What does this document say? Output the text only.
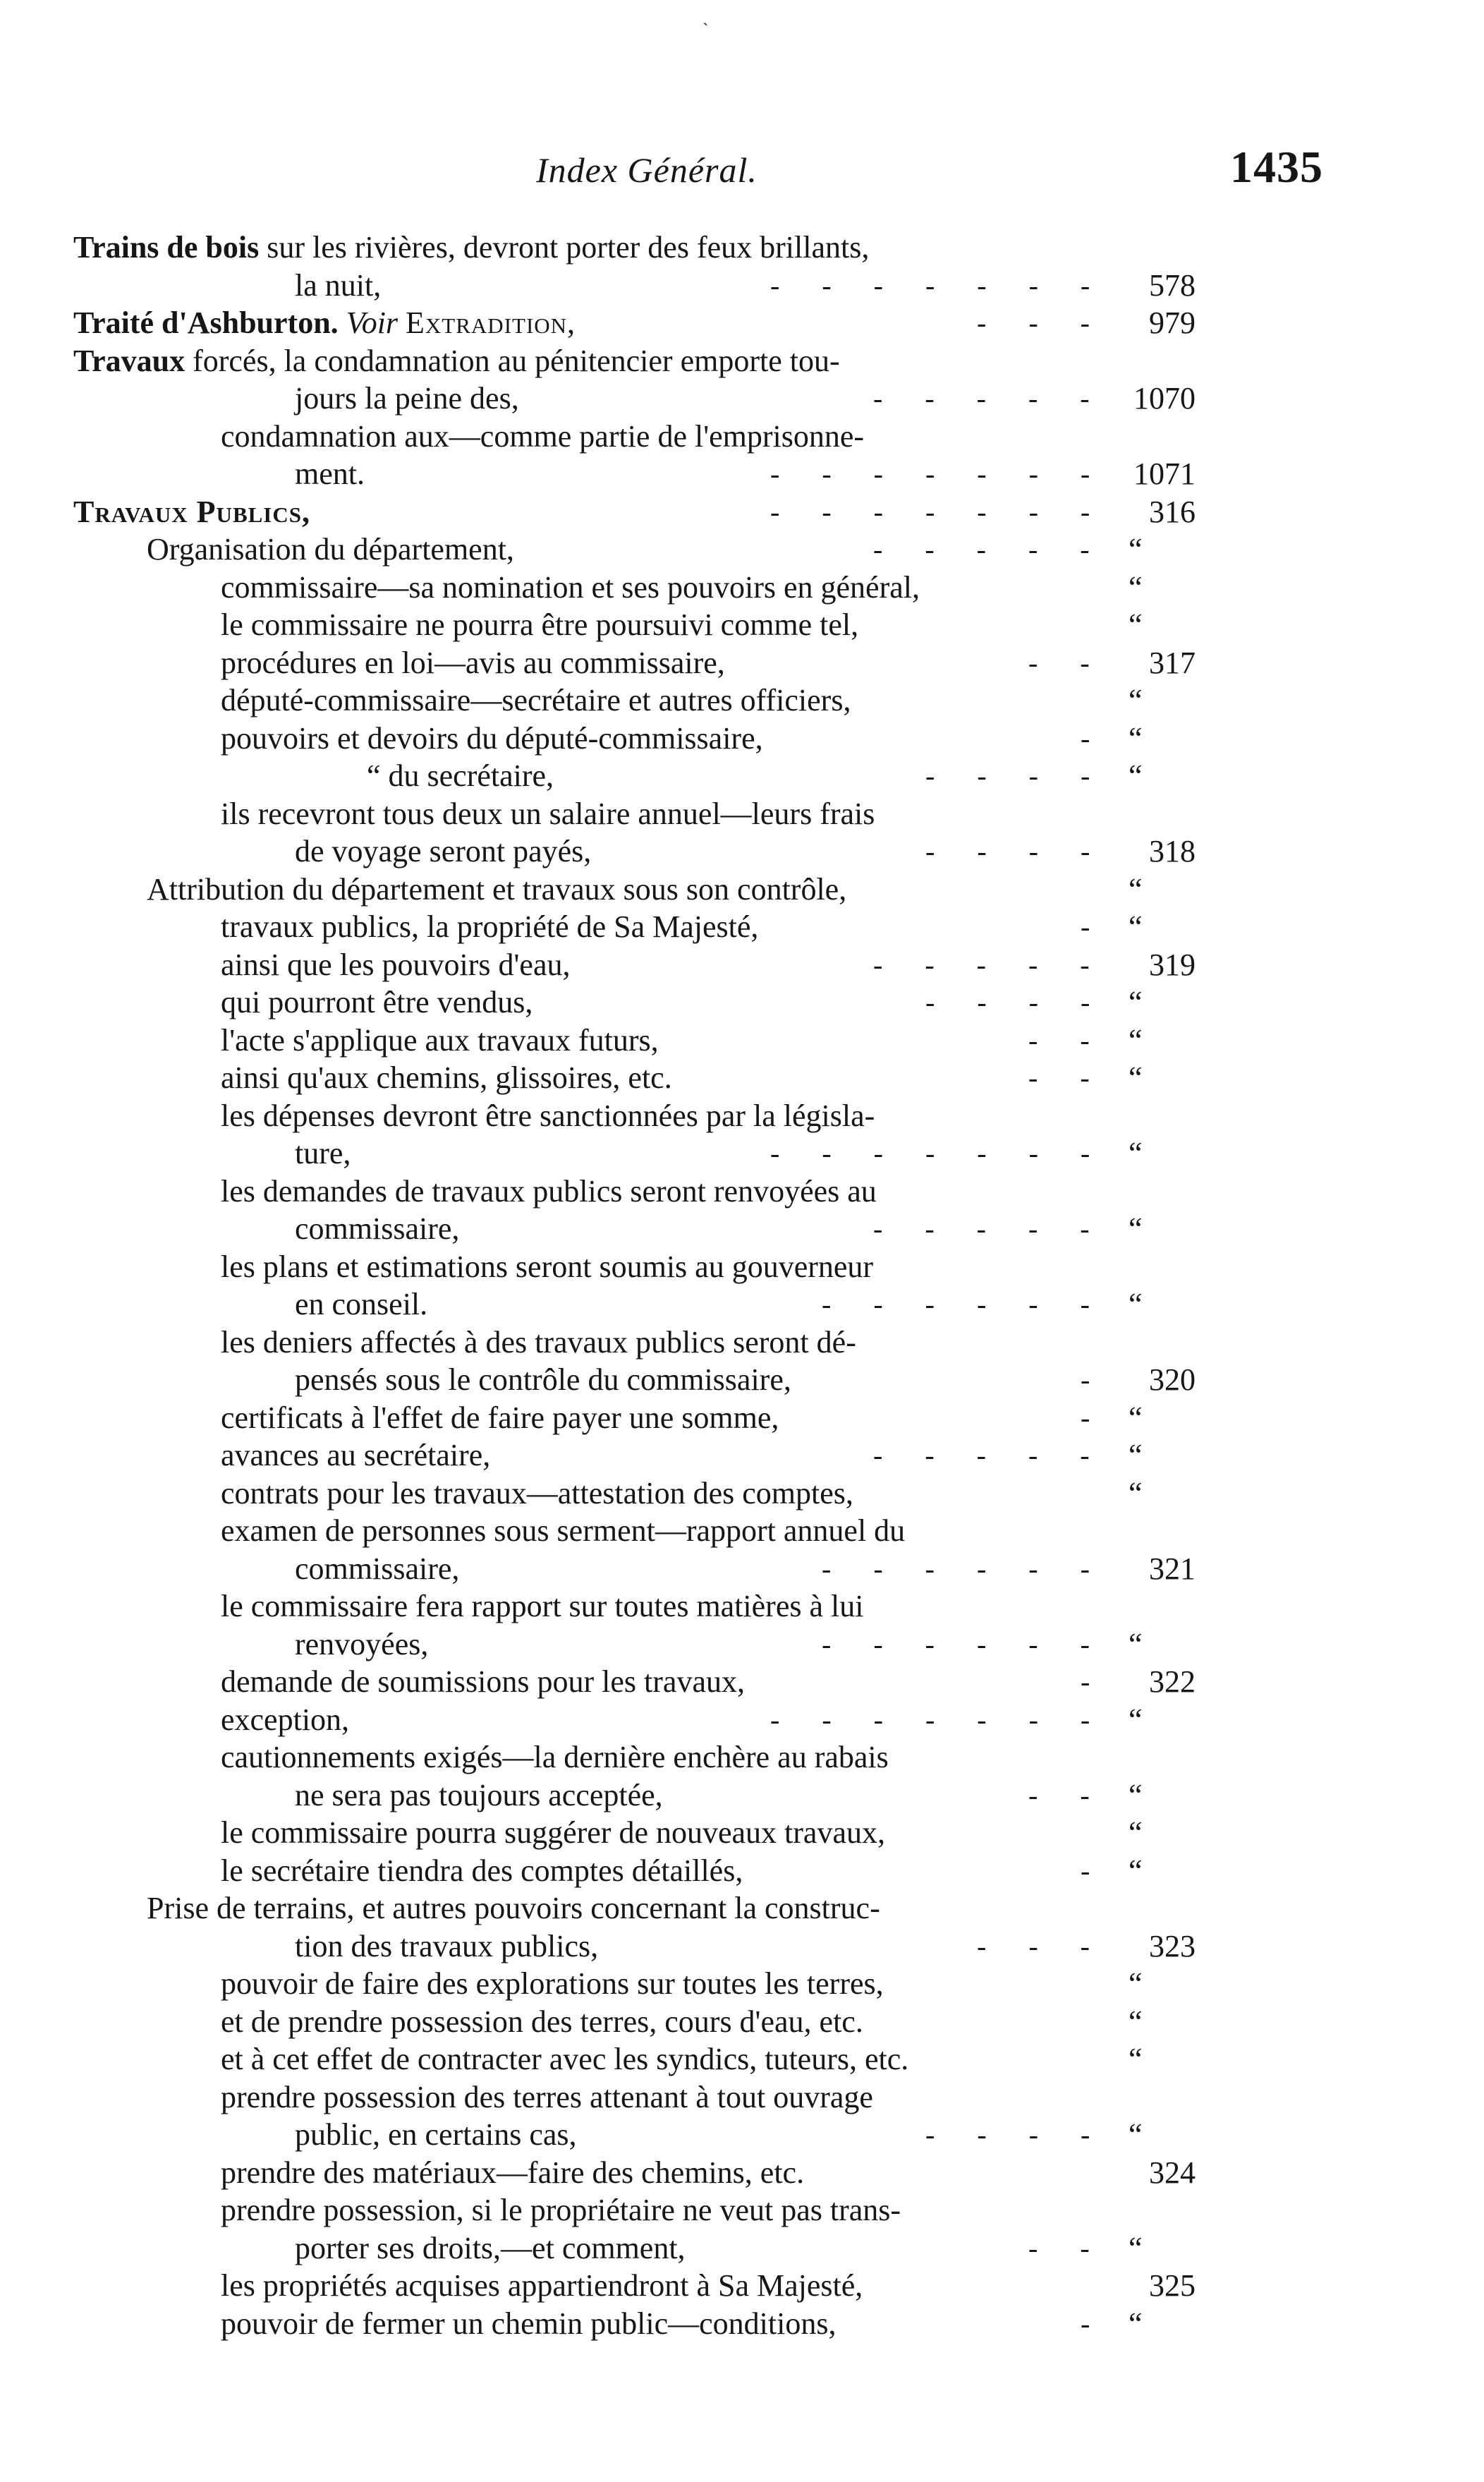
ˎ
Index Général.	1435
Trains de bois sur les rivières, devront porter des feux brillants,
la nuit,	-      -      -      -      -      -      -	578
Traité d'Ashburton. Voir Extradition,	-      -      -	979
Travaux forcés, la condamnation au pénitencier emporte tou-
jours la peine des,	-      -      -      -      -	1070
condamnation aux—comme partie de l'emprisonne-
ment.	-      -      -      -      -      -      -	1071
Travaux Publics,	-      -      -      -      -      -      -	316
Organisation du département,	-      -      -      -      - “
commissaire—sa nomination et ses pouvoirs en général,	“
le commissaire ne pourra être poursuivi comme tel,	“
procédures en loi—avis au commissaire,	-      -	317
député-commissaire—secrétaire et autres officiers,	“
pouvoirs et devoirs du député-commissaire,	- “
“ du secrétaire,	-      -      -      - “
ils recevront tous deux un salaire annuel—leurs frais
de voyage seront payés,	-      -      -      -	318
Attribution du département et travaux sous son contrôle,	“
travaux publics, la propriété de Sa Majesté,	- “
ainsi que les pouvoirs d'eau,	-      -      -      -      -	319
qui pourront être vendus,	-      -      -      - “
l'acte s'applique aux travaux futurs,	-      - “
ainsi qu'aux chemins, glissoires, etc.	-      - “
les dépenses devront être sanctionnées par la législa-
ture,	-      -      -      -      -      -      - “
les demandes de travaux publics seront renvoyées au
commissaire,	-      -      -      -      - “
les plans et estimations seront soumis au gouverneur
en conseil.	-      -      -      -      -      - “
les deniers affectés à des travaux publics seront dé-
pensés sous le contrôle du commissaire,	-	320
certificats à l'effet de faire payer une somme,	- “
avances au secrétaire,	-      -      -      -      - “
contrats pour les travaux—attestation des comptes,	“
examen de personnes sous serment—rapport annuel du
commissaire,	-      -      -      -      -      -	321
le commissaire fera rapport sur toutes matières à lui
renvoyées,	-      -      -      -      -      - “
demande de soumissions pour les travaux,	-	322
exception,	-      -      -      -      -      -      - “
cautionnements exigés—la dernière enchère au rabais
ne sera pas toujours acceptée,	-      - “
le commissaire pourra suggérer de nouveaux travaux,	“
le secrétaire tiendra des comptes détaillés,	- “
Prise de terrains, et autres pouvoirs concernant la construc-
tion des travaux publics,	-      -      -	323
pouvoir de faire des explorations sur toutes les terres,	“
et de prendre possession des terres, cours d'eau, etc.	“
et à cet effet de contracter avec les syndics, tuteurs, etc.	“
prendre possession des terres attenant à tout ouvrage
public, en certains cas,	-      -      -      - “
prendre des matériaux—faire des chemins, etc.	324
prendre possession, si le propriétaire ne veut pas trans-
porter ses droits,—et comment,	-      - “
les propriétés acquises appartiendront à Sa Majesté,	325
pouvoir de fermer un chemin public—conditions,	- “
